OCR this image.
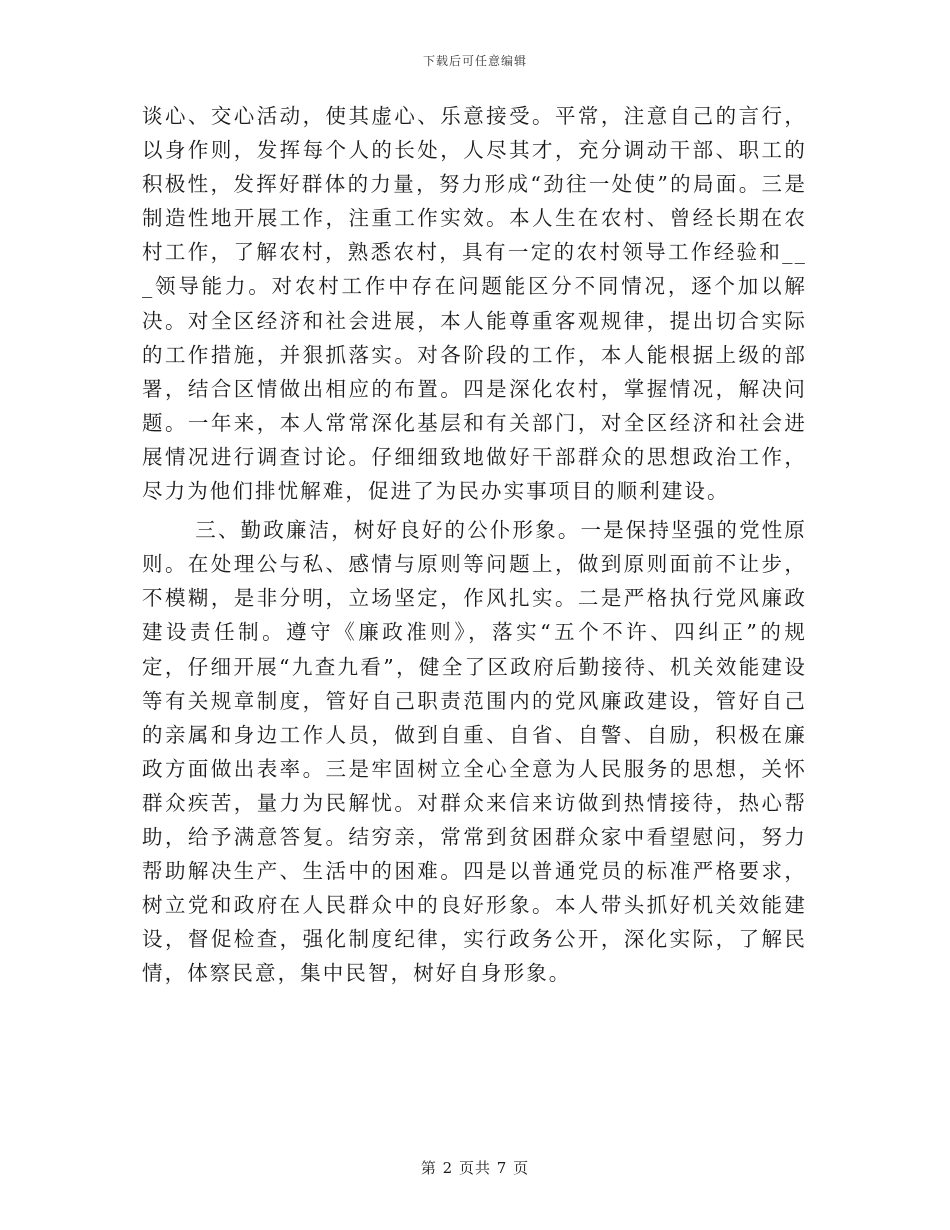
下载后可任意编辑

谈心、交心活动，使其虚心、乐意接受。平常，注意自己的言行，以身作则，发挥每个人的长处，人尽其才，充分调动干部、职工的积极性，发挥好群体的力量，努力形成“劲往一处使”的局面。三是制造性地开展工作，注重工作实效。本人生在农村、曾经长期在农村工作，了解农村，熟悉农村，具有一定的农村领导工作经验和___领导能力。对农村工作中存在问题能区分不同情况，逐个加以解决。对全区经济和社会进展，本人能尊重客观规律，提出切合实际的工作措施，并狠抓落实。对各阶段的工作，本人能根据上级的部署，结合区情做出相应的布置。四是深化农村，掌握情况，解决问题。一年来，本人常常深化基层和有关部门，对全区经济和社会进展情况进行调查讨论。仔细细致地做好干部群众的思想政治工作，尽力为他们排忧解难，促进了为民办实事项目的顺利建设。

三、勤政廉洁，树好良好的公仆形象。一是保持坚强的党性原则。在处理公与私、感情与原则等问题上，做到原则面前不让步，不模糊，是非分明，立场坚定，作风扎实。二是严格执行党风廉政建设责任制。遵守《廉政准则》，落实“五个不许、四纠正”的规定，仔细开展“九查九看”，健全了区政府后勤接待、机关效能建设等有关规章制度，管好自己职责范围内的党风廉政建设，管好自己的亲属和身边工作人员，做到自重、自省、自警、自励，积极在廉政方面做出表率。三是牢固树立全心全意为人民服务的思想，关怀群众疾苦，量力为民解忧。对群众来信来访做到热情接待，热心帮助，给予满意答复。结穷亲，常常到贫困群众家中看望慰问，努力帮助解决生产、生活中的困难。四是以普通党员的标准严格要求，树立党和政府在人民群众中的良好形象。本人带头抓好机关效能建设，督促检查，强化制度纪律，实行政务公开，深化实际，了解民情，体察民意，集中民智，树好自身形象。

第 2 页共 7 页
